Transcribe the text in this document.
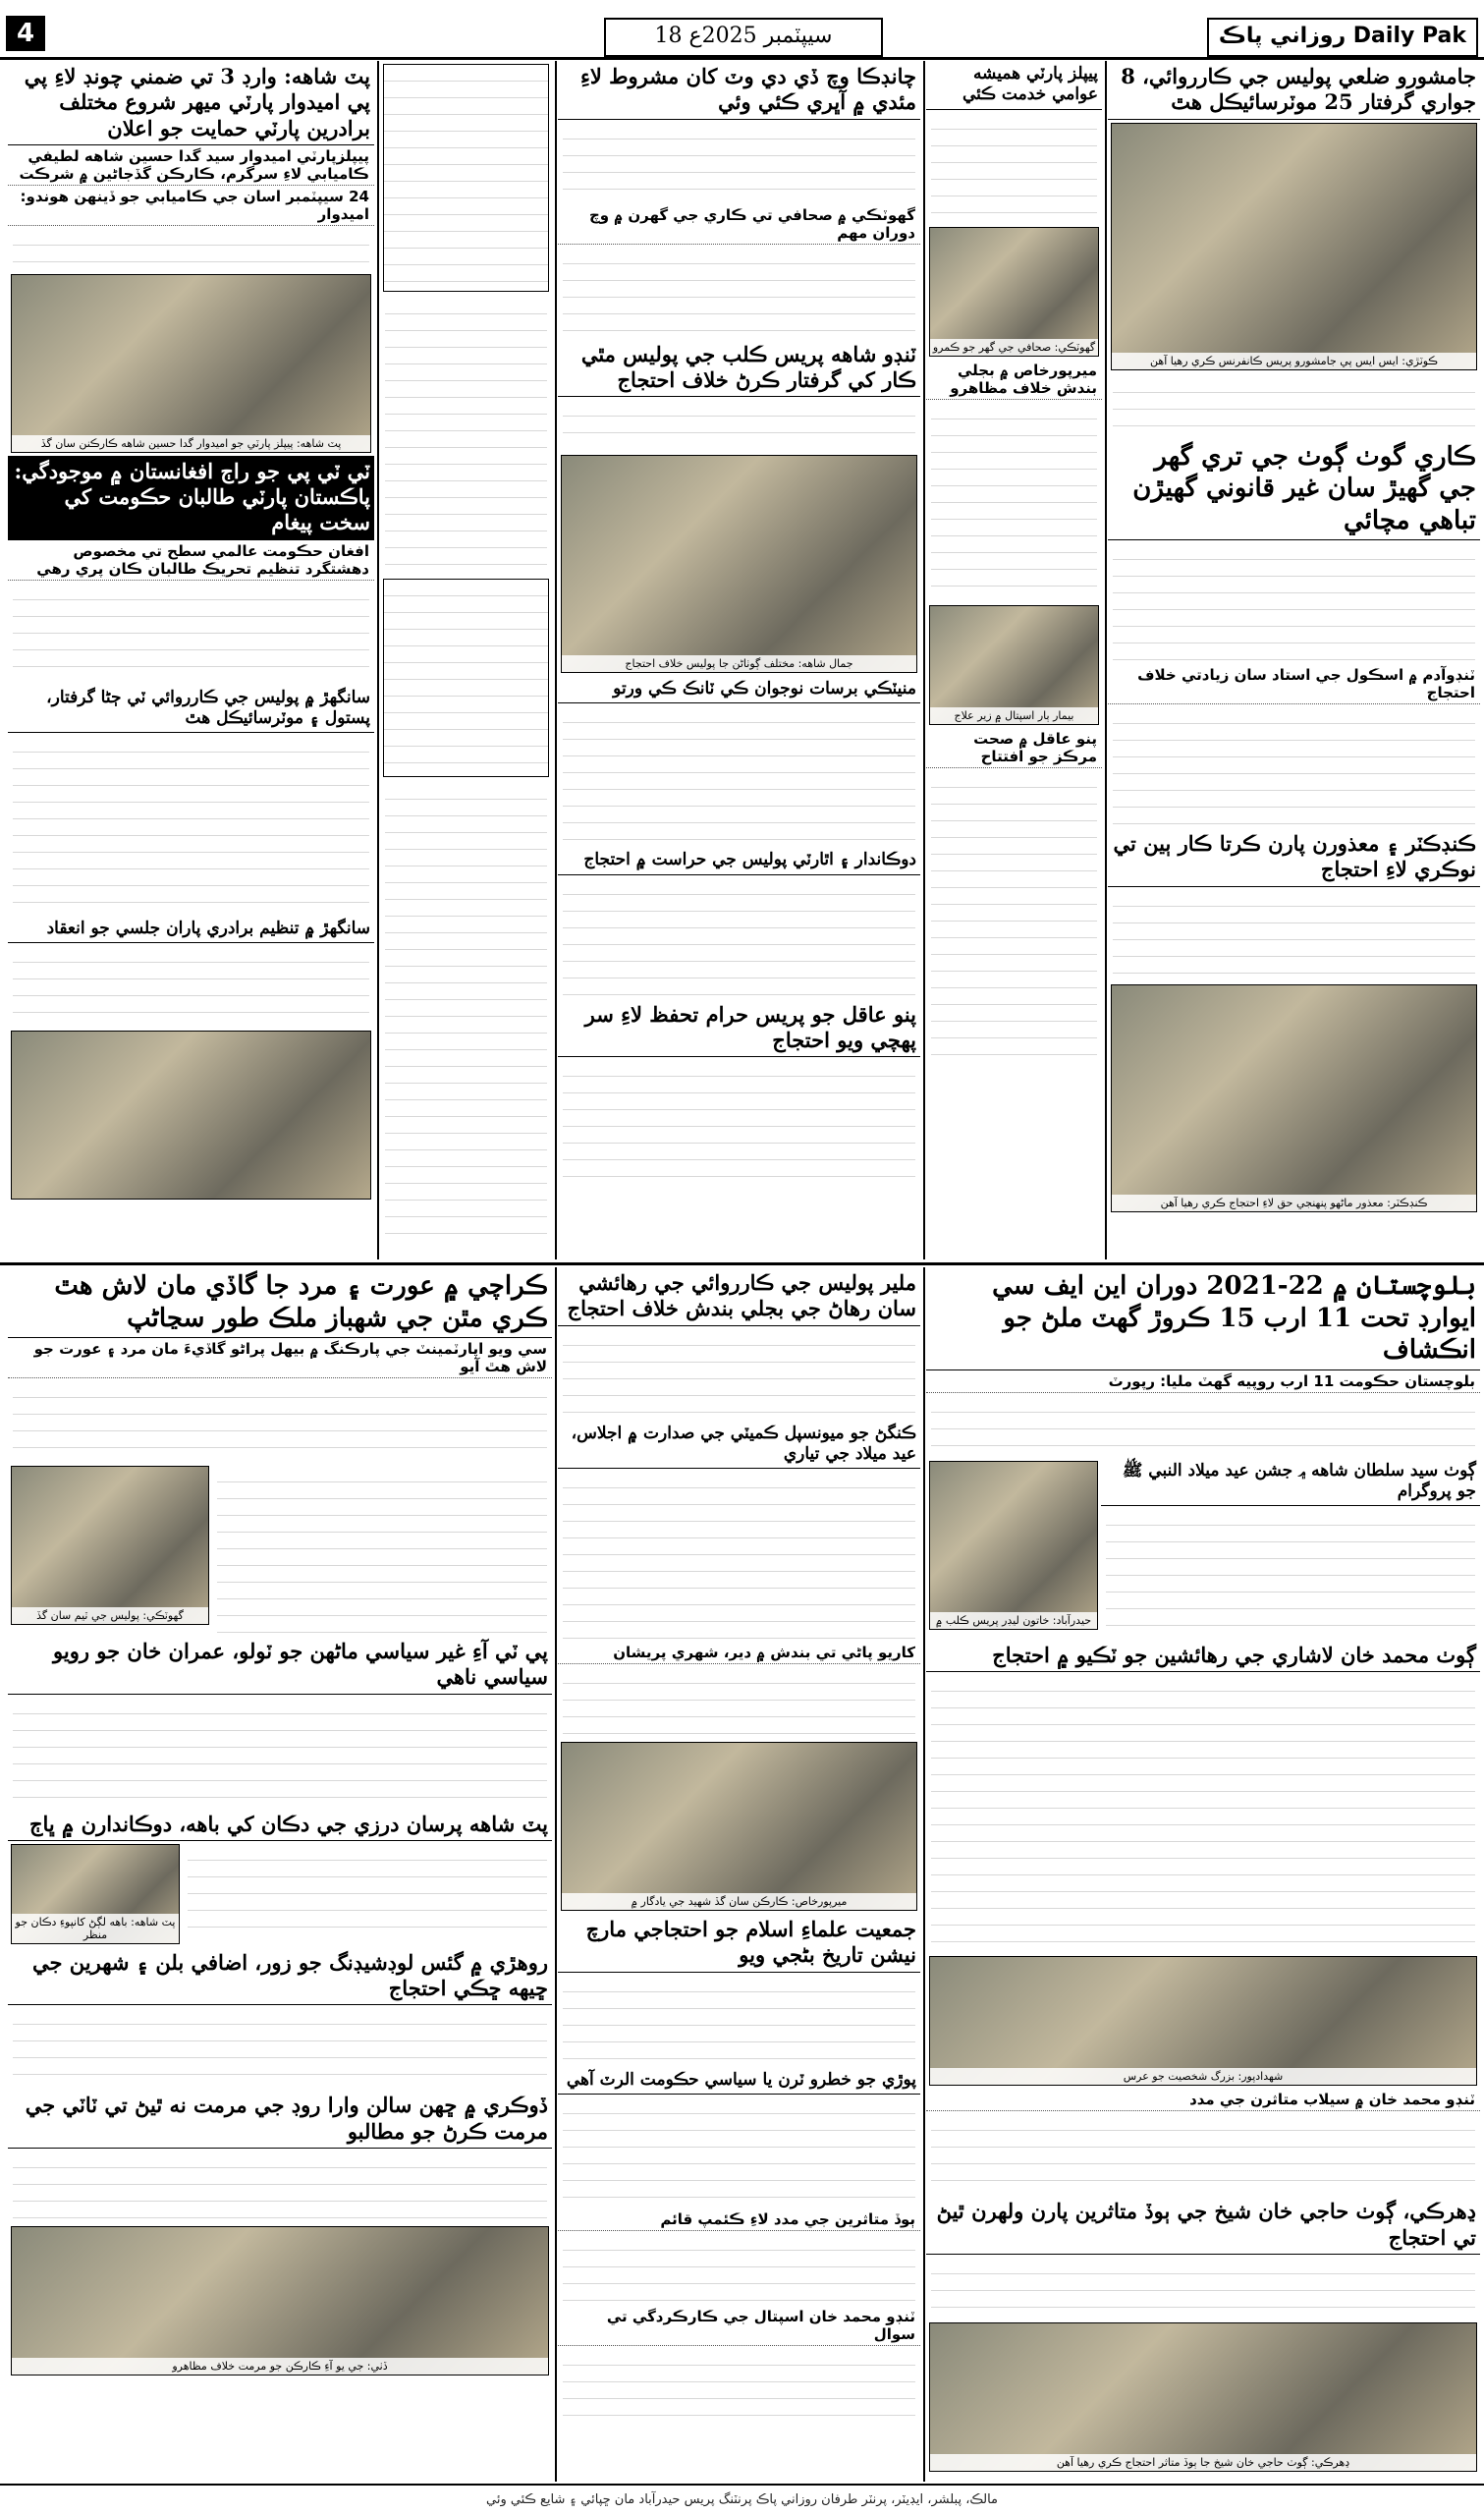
4	18 سيپٽمبر 2025ع	روزاني پاڪ Daily Pak
جامشورو ضلعي پوليس جي ڪارروائي، 8 جواري گرفتار 25 موٽرسائيڪل هٿ
ڪوٽڙي: ايس ايس پي جامشورو پريس ڪانفرنس ڪري رهيا آهن
ڪاري گوٺ ڳوٺ جي تري گهر جي گهيڙ سان غير قانوني گهيڙن تباهي مچائي
ٽنڊوآدم ۾ اسڪول جي استاد سان زيادتي خلاف احتجاج
ڪنڊڪٽر ۽ معذورن پارن ڪرتا ڪار ٻين تي نوڪري لاءِ احتجاج
ڪنڊڪٽر: معذور ماڻهو پنهنجي حق لاءِ احتجاج ڪري رهيا آهن
پيپلز پارٽي هميشه عوامي خدمت ڪئي
گهوٽڪي: صحافي جي گهر جو ڪمرو
ميرپورخاص ۾ بجلي بندش خلاف مظاهرو
بيمار ٻار اسپتال ۾ زير علاج
پنو عاقل ۾ صحت مرڪز جو افتتاح
چانڊڪا وچ ڏي دي وٽ کان مشروط لاءِ مئدي ۾ آڀري ڪئي وئي
گهوٽڪي ۾ صحافي تي ڪاري جي گهرن ۾ وچ دوران مهم
ٽنڊو شاهه پريس ڪلب جي پوليس مٿي ڪار کي گرفتار ڪرڻ خلاف احتجاج
جمال شاهه: مختلف ڳوٺاڻن جا پوليس خلاف احتجاج
منيٽڪي برسات نوجوان ڪي ٽانڪ ڪي ورتو
دوڪاندار ۽ اٿارٽي پوليس جي حراست ۾ احتجاج
پنو عاقل جو پريس حرام تحفظ لاءِ سر پهچي ويو احتجاج
پٽ شاهه: وارڊ 3 تي ضمني چونڊ لاءِ پي پي اميدوار پارٽي ميهر شروع مختلف برادرين پارٽي حمايت جو اعلان
پيپلزپارٽي اميدوار سيد گدا حسين شاهه لطيفي ڪاميابي لاءِ سرگرم، ڪارڪن گڏجاڻين ۾ شرڪت
24 سيپٽمبر اسان جي ڪاميابي جو ڏينهن هوندو: اميدوار
پٽ شاهه: پيپلز پارٽي جو اميدوار گدا حسين شاهه ڪارڪنن سان گڏ
ٽي ٽي پي جو راڄ افغانستان ۾ موجودگي: پاڪستان پارٽي طالبان حڪومت کي سخت پيغام
افغان حڪومت عالمي سطح تي مخصوص دهشتگرد تنظيم تحريڪ طالبان ڪان پري رهي
سانگهڙ ۾ پوليس جي ڪارروائي ٽي ڄڻا گرفتار، پستول ۽ موٽرسائيڪل هٿ
سانگهڙ ۾ تنظيم برادري پاران جلسي جو انعقاد
بلوچستان ۾ 22-2021 دوران اين ايف سي ايوارڊ تحت 11 ارب 15 ڪروڙ گهٽ ملڻ جو انڪشاف
بلوچستان حڪومت 11 ارب روپيه گهٽ مليا: رپورٽ
ڳوٺ سيد سلطان شاهه ۾ جشن عيد ميلاد النبي ﷺ جو پروگرام
حيدرآباد: خاتون ليڊر پريس ڪلب ۾
ڳوٺ محمد خان لاشاري جي رهائشين جو ٽڪيو ۾ احتجاج
شهدادپور: بزرگ شخصيت جو عرس
ٽنڊو محمد خان ۾ سيلاب متاثرن جي مدد
ڍهرڪي، ڳوٺ حاجي خان شيخ جي ٻوڏ متاثرين پارن ولهرن ٿيڻ تي احتجاج
ڍهرڪي: ڳوٺ حاجي خان شيخ جا ٻوڏ متاثر احتجاج ڪري رهيا آهن
ملير پوليس جي ڪارروائي جي رهائشي سان رهاڻ جي بجلي بندش خلاف احتجاج
ڪنگڻ جو ميونسپل ڪميٽي جي صدارت ۾ اجلاس، عيد ميلاد جي تياري
کاريو پاڻي تي بندش ۾ دير، شهري پريشان
ميرپورخاص: ڪارڪن سان گڏ شهيد جي يادگار ۾
جمعيت علماءِ اسلام جو احتجاجي مارچ نيشن تاريخ بڻجي ويو
پوڙي جو خطرو ٽرن يا سياسي حڪومت الرٽ آهي
ٻوڏ متاثرين جي مدد لاءِ ڪئمپ قائم
ٽنڊو محمد خان اسپتال جي ڪارڪردگي تي سوال
ڪراچي ۾ عورت ۽ مرد جا گاڏي مان لاش هٿ ڪري مٿن جي شهباز ملڪ طور سڃاڻپ
سي ويو اپارٽمينٽ جي پارڪنگ ۾ بيهل پراڻو گاڏيءَ مان مرد ۽ عورت جو لاش هٿ آيو
گهوٽڪي: پوليس جي ٽيم سان گڏ
پي ٽي آءِ غير سياسي ماڻهن جو ٽولو، عمران خان جو رويو سياسي ناهي
پٽ شاهه پرسان درزي جي دڪان کي باهه، دوڪاندارن ۾ ڀاڄ
پٽ شاهه: باهه لڳڻ کانپوءِ دڪان جو منظر
روهڙي ۾ گئس لوڊشيڊنگ جو زور، اضافي بلن ۽ شهرين جي ڇيهه ڇڪي احتجاج
ڏوڪري ۾ ڇهن سالن وارا روڊ جي مرمت نه ٿيڻ تي ٽاٽي جي مرمت ڪرڻ جو مطالبو
ڏٺي: جي يو آءِ ڪارڪن جو مرمت خلاف مظاهرو
مالڪ، پبلشر، ايڊيٽر، پرنٽر طرفان روزاني پاڪ پرنٽنگ پريس حيدرآباد مان ڇپائي ۽ شايع ڪئي وئي
